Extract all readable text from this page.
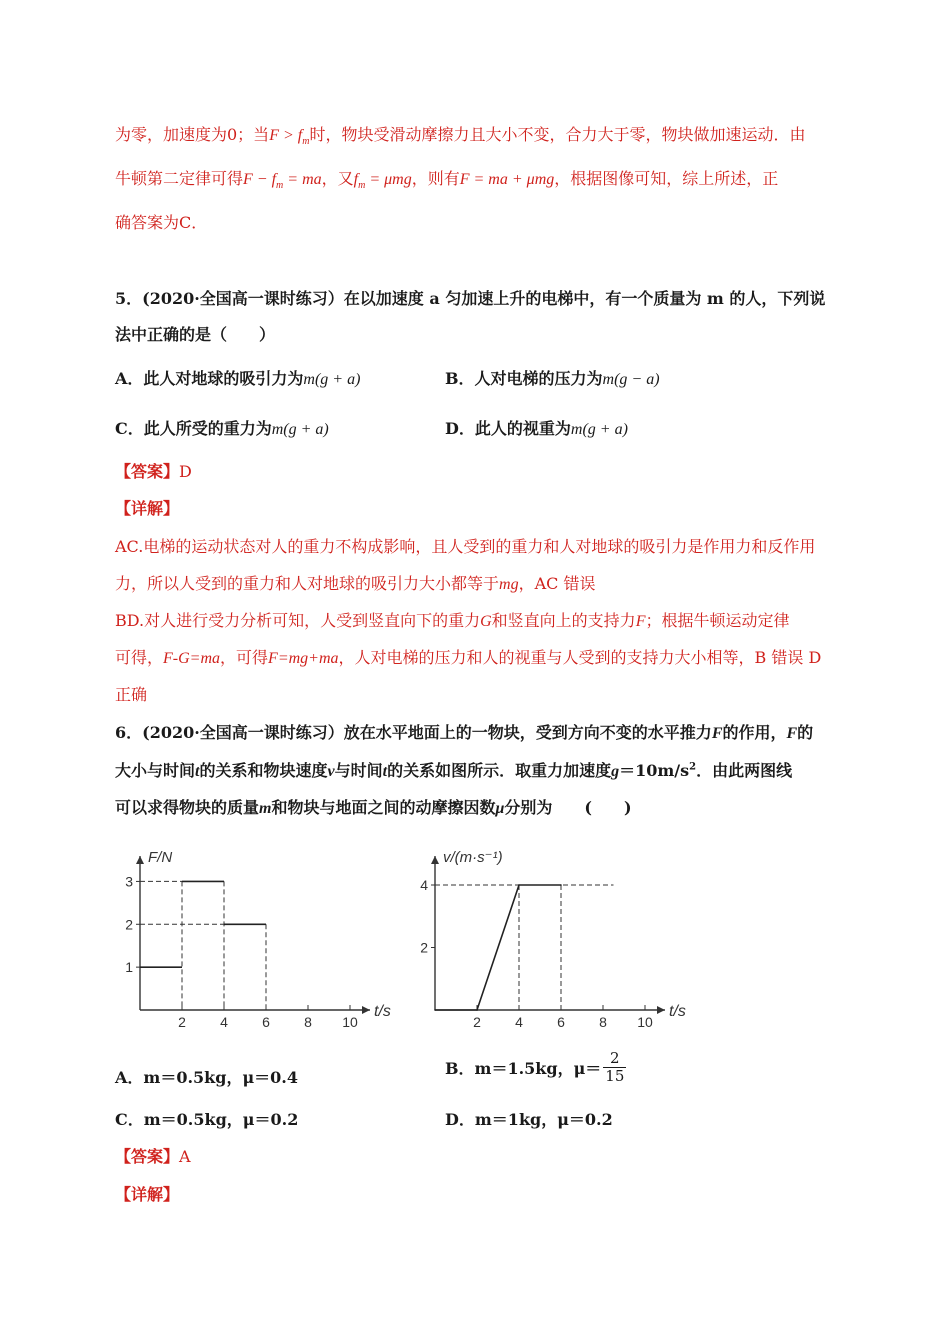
为零，加速度为0；当$F > f_m$时，物块受滑动摩擦力且大小不变，合力大于零，物块做加速运动．由
牛顿第二定律可得$F - f_m$ = ma，又$f_m = \mu mg$，则有F = ma + μmg，根据图像可知，综上所述，正
确答案为C．
5．(2020·全国高一课时练习）在以加速度 a 匀加速上升的电梯中，有一个质量为 m 的人，下列说
法中正确的是（　　）
A．此人对地球的吸引力为m(g + a)	B．人对电梯的压力为m(g − a)
C．此人所受的重力为m(g + a)	D．此人的视重为m(g + a)
【答案】D
【详解】
AC.电梯的运动状态对人的重力不构成影响，且人受到的重力和人对地球的吸引力是作用力和反作用
力，所以人受到的重力和人对地球的吸引力大小都等于mg，AC 错误
BD.对人进行受力分析可知，人受到竖直向下的重力G和竖直向上的支持力F；根据牛顿运动定律
可得，F-G=ma，可得F=mg+ma，人对电梯的压力和人的视重与人受到的支持力大小相等，B 错误 D
正确
6．(2020·全国高一课时练习）放在水平地面上的一物块，受到方向不变的水平推力F的作用，F的
大小与时间t的关系和物块速度v与时间t的关系如图所示．取重力加速度$g=10m/s^2$．由此两图线
可以求得物块的质量m和物块与地面之间的动摩擦因数μ分别为　　(　　)
F/N
t/s
2 4 6 8 10
1
2
3
v/(m·s⁻¹)
t/s
2 4 6 8 10
2
4
A．m＝0.5kg，μ＝0.4	B．m＝1.5kg，$\mu= \frac{2}{15}$
C．m＝0.5kg，μ＝0.2	D．m＝1kg，μ＝0.2
【答案】A
【详解】
